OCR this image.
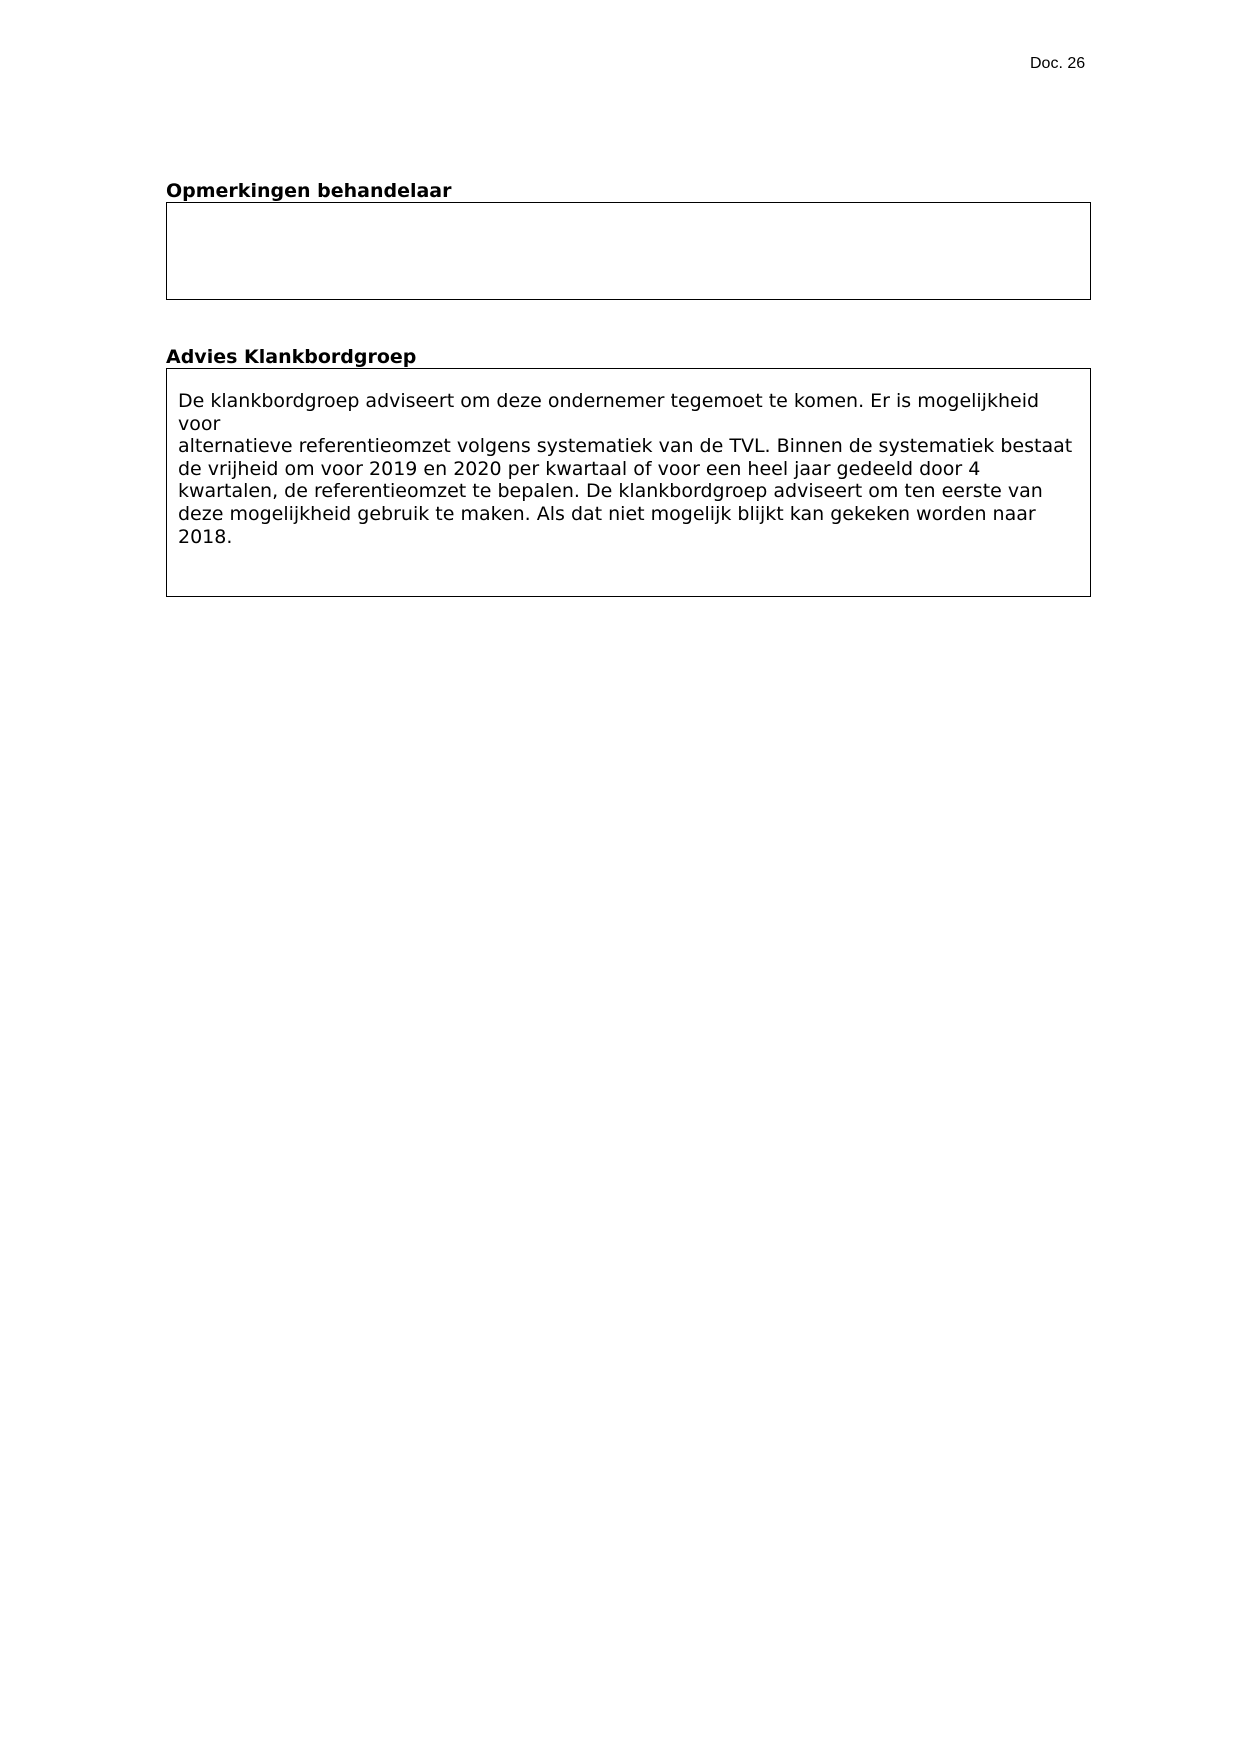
Doc. 26
Opmerkingen behandelaar
Advies Klankbordgroep
De klankbordgroep adviseert om deze ondernemer tegemoet te komen. Er is mogelijkheid voor
alternatieve referentieomzet volgens systematiek van de TVL. Binnen de systematiek bestaat
de vrijheid om voor 2019 en 2020 per kwartaal of voor een heel jaar gedeeld door 4
kwartalen, de referentieomzet te bepalen. De klankbordgroep adviseert om ten eerste van
deze mogelijkheid gebruik te maken. Als dat niet mogelijk blijkt kan gekeken worden naar
2018.
